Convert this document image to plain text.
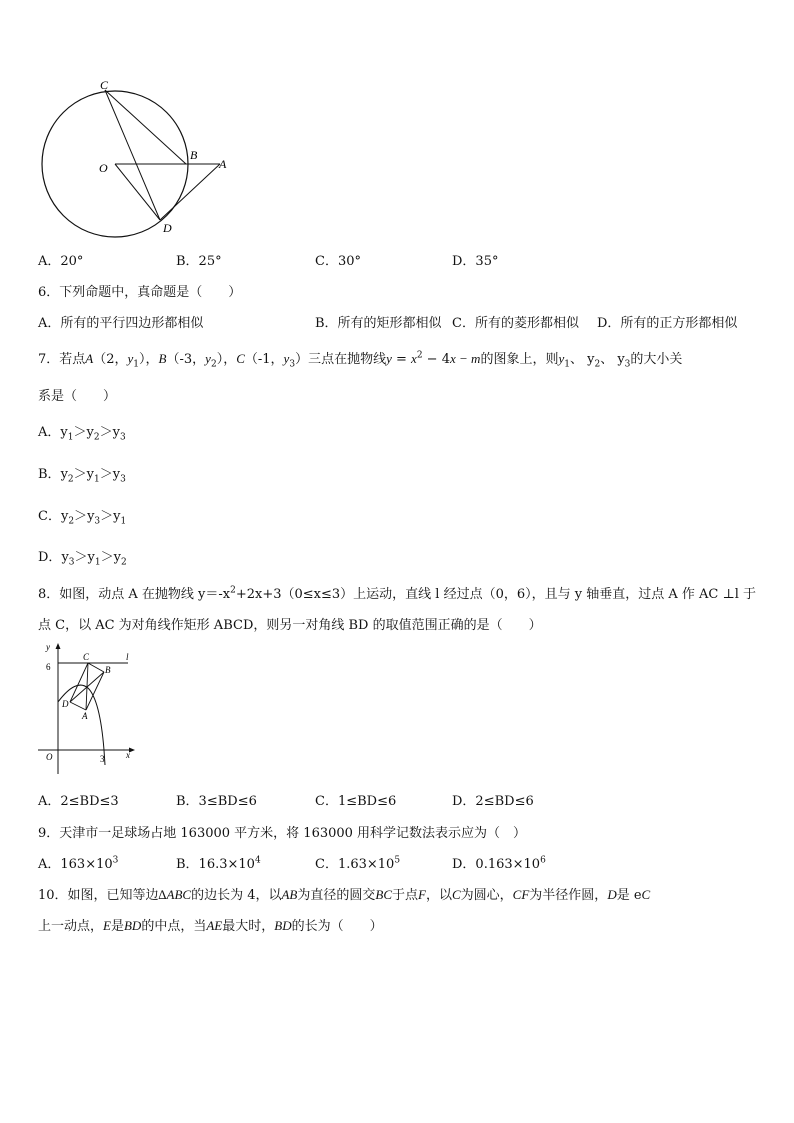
C
O
B
A
D
A．20°	B．25°	C．30°	D．35°
6．下列命题中，真命题是（　　）
A．所有的平行四边形都相似	B．所有的矩形都相似 C．所有的菱形都相似 D．所有的正方形都相似
7．若点A（2，$y_1$），B（-3，$y_2$），C（-1，$y_3$）三点在抛物线$y = x^2 - 4x - m$的图象上，则$y_1$、 $y_2$、 $y_3$的大小关
系是（　　）
A．$y_1>y_2>y_3$
B．$y_2>y_1>y_3$
C．$y_2>y_3>y_1$
D．$y_3>y_1>y_2$
8．如图，动点 A 在抛物线 $y=-x^2+2x+3(0\le x\le 3)$上运动，直线 l 经过点（0，6），且与 y 轴垂直，过点 A 作 AC ⊥l 于
点 C，以 AC 为对角线作矩形 ABCD，则另一对角线 BD 的取值范围正确的是（　　）
y
6
C	l
B
D
A
O	3 x
A．2≤BD≤3	B．3≤BD≤6	C．1≤BD≤6	D．2≤BD≤6
9．天津市一足球场占地 163000 平方米，将 163000 用科学记数法表示应为（　）
A．$163\times 10^3$	B．$16.3\times 10^4$	C．$1.63\times 10^5$	D．$0.163\times 10^6$
10．如图，已知等边∆ABC的边长为 4，以AB为直径的圆交BC于点F，以C为圆心，CF为半径作圆，D是 eC
上一动点，E是BD的中点，当AE最大时，BD的长为（　　）
